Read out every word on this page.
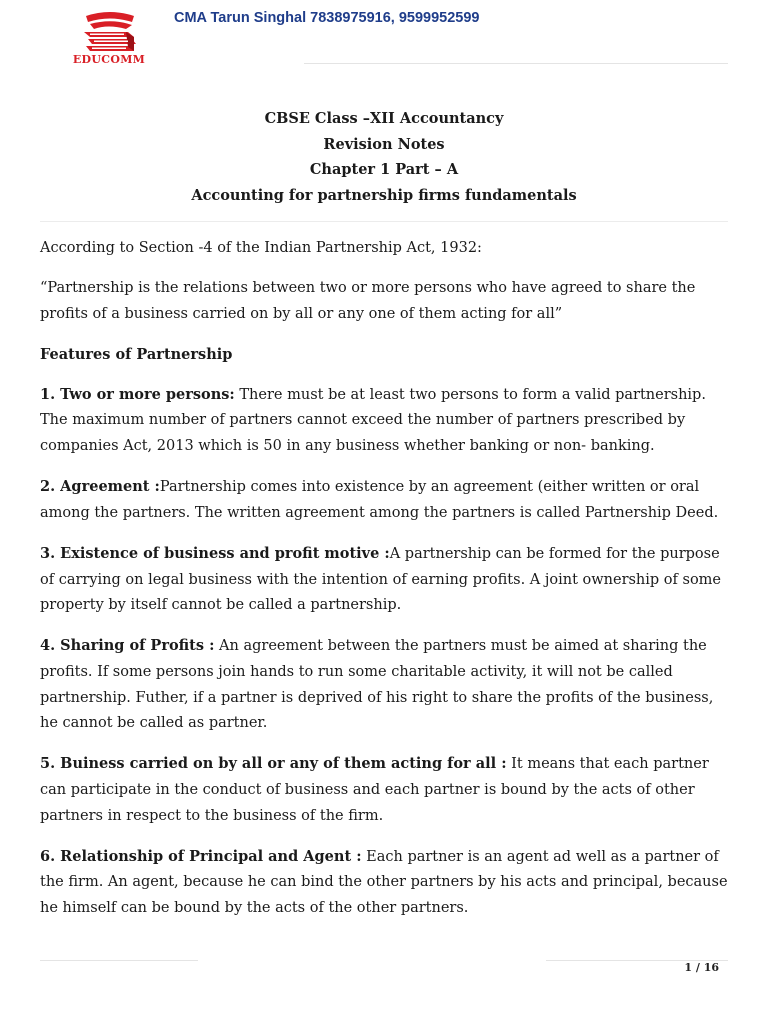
EDUCOMM
CMA Tarun Singhal 7838975916, 9599952599
CBSE Class –XII Accountancy
Revision Notes
Chapter 1 Part – A
Accounting for partnership firms fundamentals

According to Section -4 of the Indian Partnership Act, 1932:

“Partnership is the relations between two or more persons who have agreed to share the profits of a business carried on by all or any one of them acting for all”

Features of Partnership

1. Two or more persons: There must be at least two persons to form a valid partnership. The maximum number of partners cannot exceed the number of partners prescribed by companies Act, 2013 which is 50 in any business whether banking or non- banking.

2. Agreement :Partnership comes into existence by an agreement (either written or oral among the partners. The written agreement among the partners is called Partnership Deed.

3. Existence of business and profit motive :A partnership can be formed for the purpose of carrying on legal business with the intention of earning profits. A joint ownership of some property by itself cannot be called a partnership.

4. Sharing of Profits : An agreement between the partners must be aimed at sharing the profits. If some persons join hands to run some charitable activity, it will not be called partnership. Futher, if a partner is deprived of his right to share the profits of the business, he cannot be called as partner.

5. Buiness carried on by all or any of them acting for all : It means that each partner can participate in the conduct of business and each partner is bound by the acts of other partners in respect to the business of the firm.

6. Relationship of Principal and Agent : Each partner is an agent ad well as a partner of the firm. An agent, because he can bind the other partners by his acts and principal, because he himself can be bound by the acts of the other partners.

1 / 16
